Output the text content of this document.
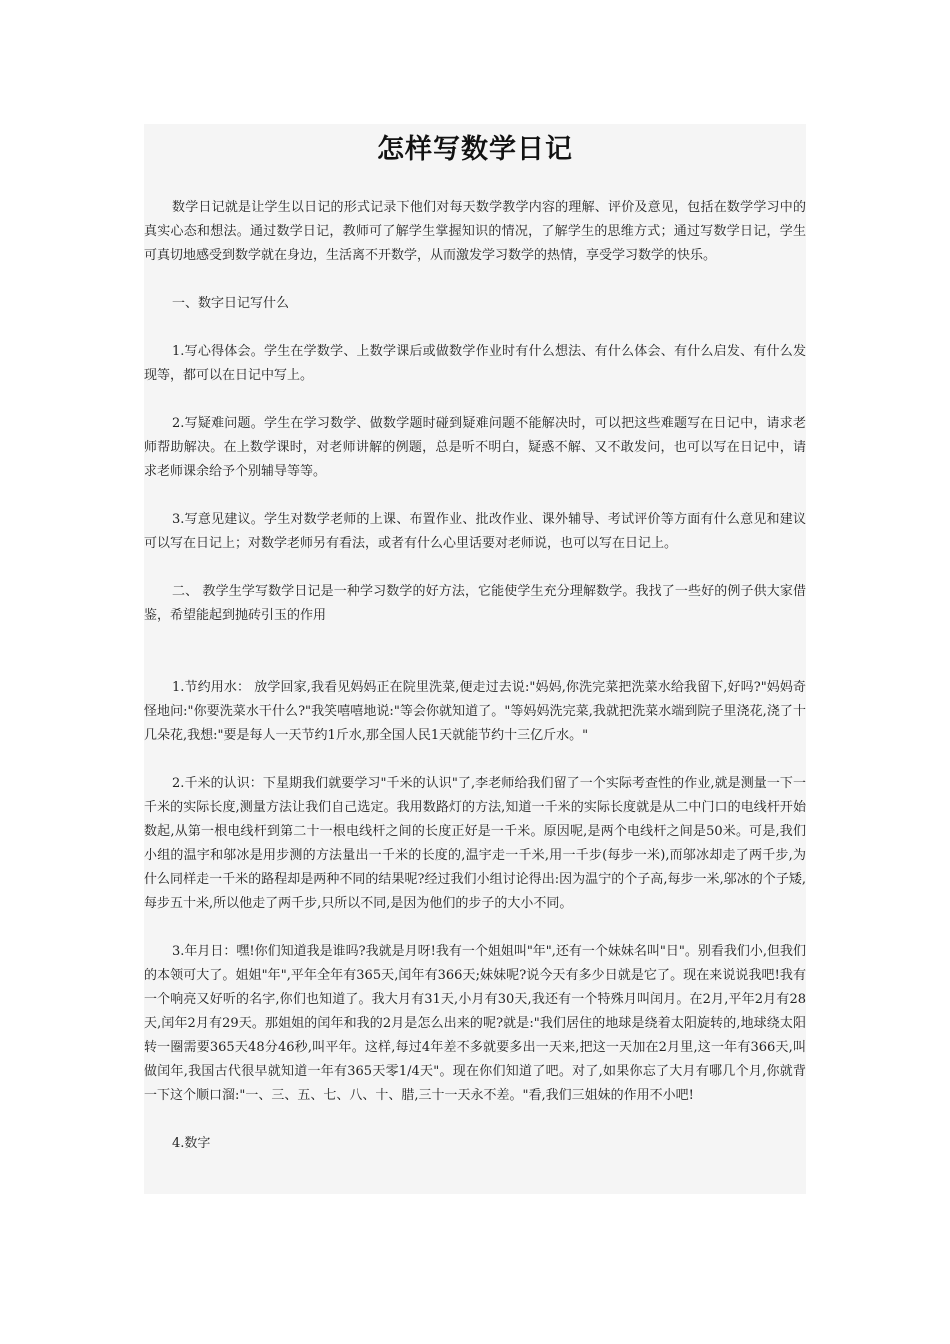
怎样写数学日记

数学日记就是让学生以日记的形式记录下他们对每天数学教学内容的理解、评价及意见，包括在数学学习中的真实心态和想法。通过数学日记，教师可了解学生掌握知识的情况，了解学生的思维方式；通过写数学日记，学生可真切地感受到数学就在身边，生活离不开数学，从而激发学习数学的热情，享受学习数学的快乐。

一、数字日记写什么

1.写心得体会。学生在学数学、上数学课后或做数学作业时有什么想法、有什么体会、有什么启发、有什么发现等，都可以在日记中写上。

2.写疑难问题。学生在学习数学、做数学题时碰到疑难问题不能解决时，可以把这些难题写在日记中，请求老师帮助解决。在上数学课时，对老师讲解的例题，总是听不明白，疑惑不解、又不敢发问，也可以写在日记中，请求老师课余给予个别辅导等等。

3.写意见建议。学生对数学老师的上课、布置作业、批改作业、课外辅导、考试评价等方面有什么意见和建议可以写在日记上；对数学老师另有看法，或者有什么心里话要对老师说，也可以写在日记上。

二、 教学生学写数学日记是一种学习数学的好方法，它能使学生充分理解数学。我找了一些好的例子供大家借鉴，希望能起到抛砖引玉的作用

1.节约用水： 放学回家,我看见妈妈正在院里洗菜,便走过去说:"妈妈,你洗完菜把洗菜水给我留下,好吗?"妈妈奇怪地问:"你要洗菜水干什么?"我笑嘻嘻地说:"等会你就知道了。"等妈妈洗完菜,我就把洗菜水端到院子里浇花,浇了十几朵花,我想:"要是每人一天节约1斤水,那全国人民1天就能节约十三亿斤水。"

2.千米的认识：下星期我们就要学习"千米的认识"了,李老师给我们留了一个实际考查性的作业,就是测量一下一千米的实际长度,测量方法让我们自己选定。我用数路灯的方法,知道一千米的实际长度就是从二中门口的电线杆开始数起,从第一根电线杆到第二十一根电线杆之间的长度正好是一千米。原因呢,是两个电线杆之间是50米。可是,我们小组的温宇和邬冰是用步测的方法量出一千米的长度的,温宇走一千米,用一千步(每步一米),而邬冰却走了两千步,为什么同样走一千米的路程却是两种不同的结果呢?经过我们小组讨论得出:因为温宁的个子高,每步一米,邬冰的个子矮,每步五十米,所以他走了两千步,只所以不同,是因为他们的步子的大小不同。

3.年月日：嘿!你们知道我是谁吗?我就是月呀!我有一个姐姐叫"年",还有一个妹妹名叫"日"。别看我们小,但我们的本领可大了。姐姐"年",平年全年有365天,闰年有366天;妹妹呢?说今天有多少日就是它了。现在来说说我吧!我有一个响亮又好听的名字,你们也知道了。我大月有31天,小月有30天,我还有一个特殊月叫闰月。在2月,平年2月有28天,闰年2月有29天。那姐姐的闰年和我的2月是怎么出来的呢?就是:"我们居住的地球是绕着太阳旋转的,地球绕太阳转一圈需要365天48分46秒,叫平年。这样,每过4年差不多就要多出一天来,把这一天加在2月里,这一年有366天,叫做闰年,我国古代很早就知道一年有365天零1/4天"。现在你们知道了吧。对了,如果你忘了大月有哪几个月,你就背一下这个顺口溜:"一、三、五、七、八、十、腊,三十一天永不差。"看,我们三姐妹的作用不小吧!

4.数字
